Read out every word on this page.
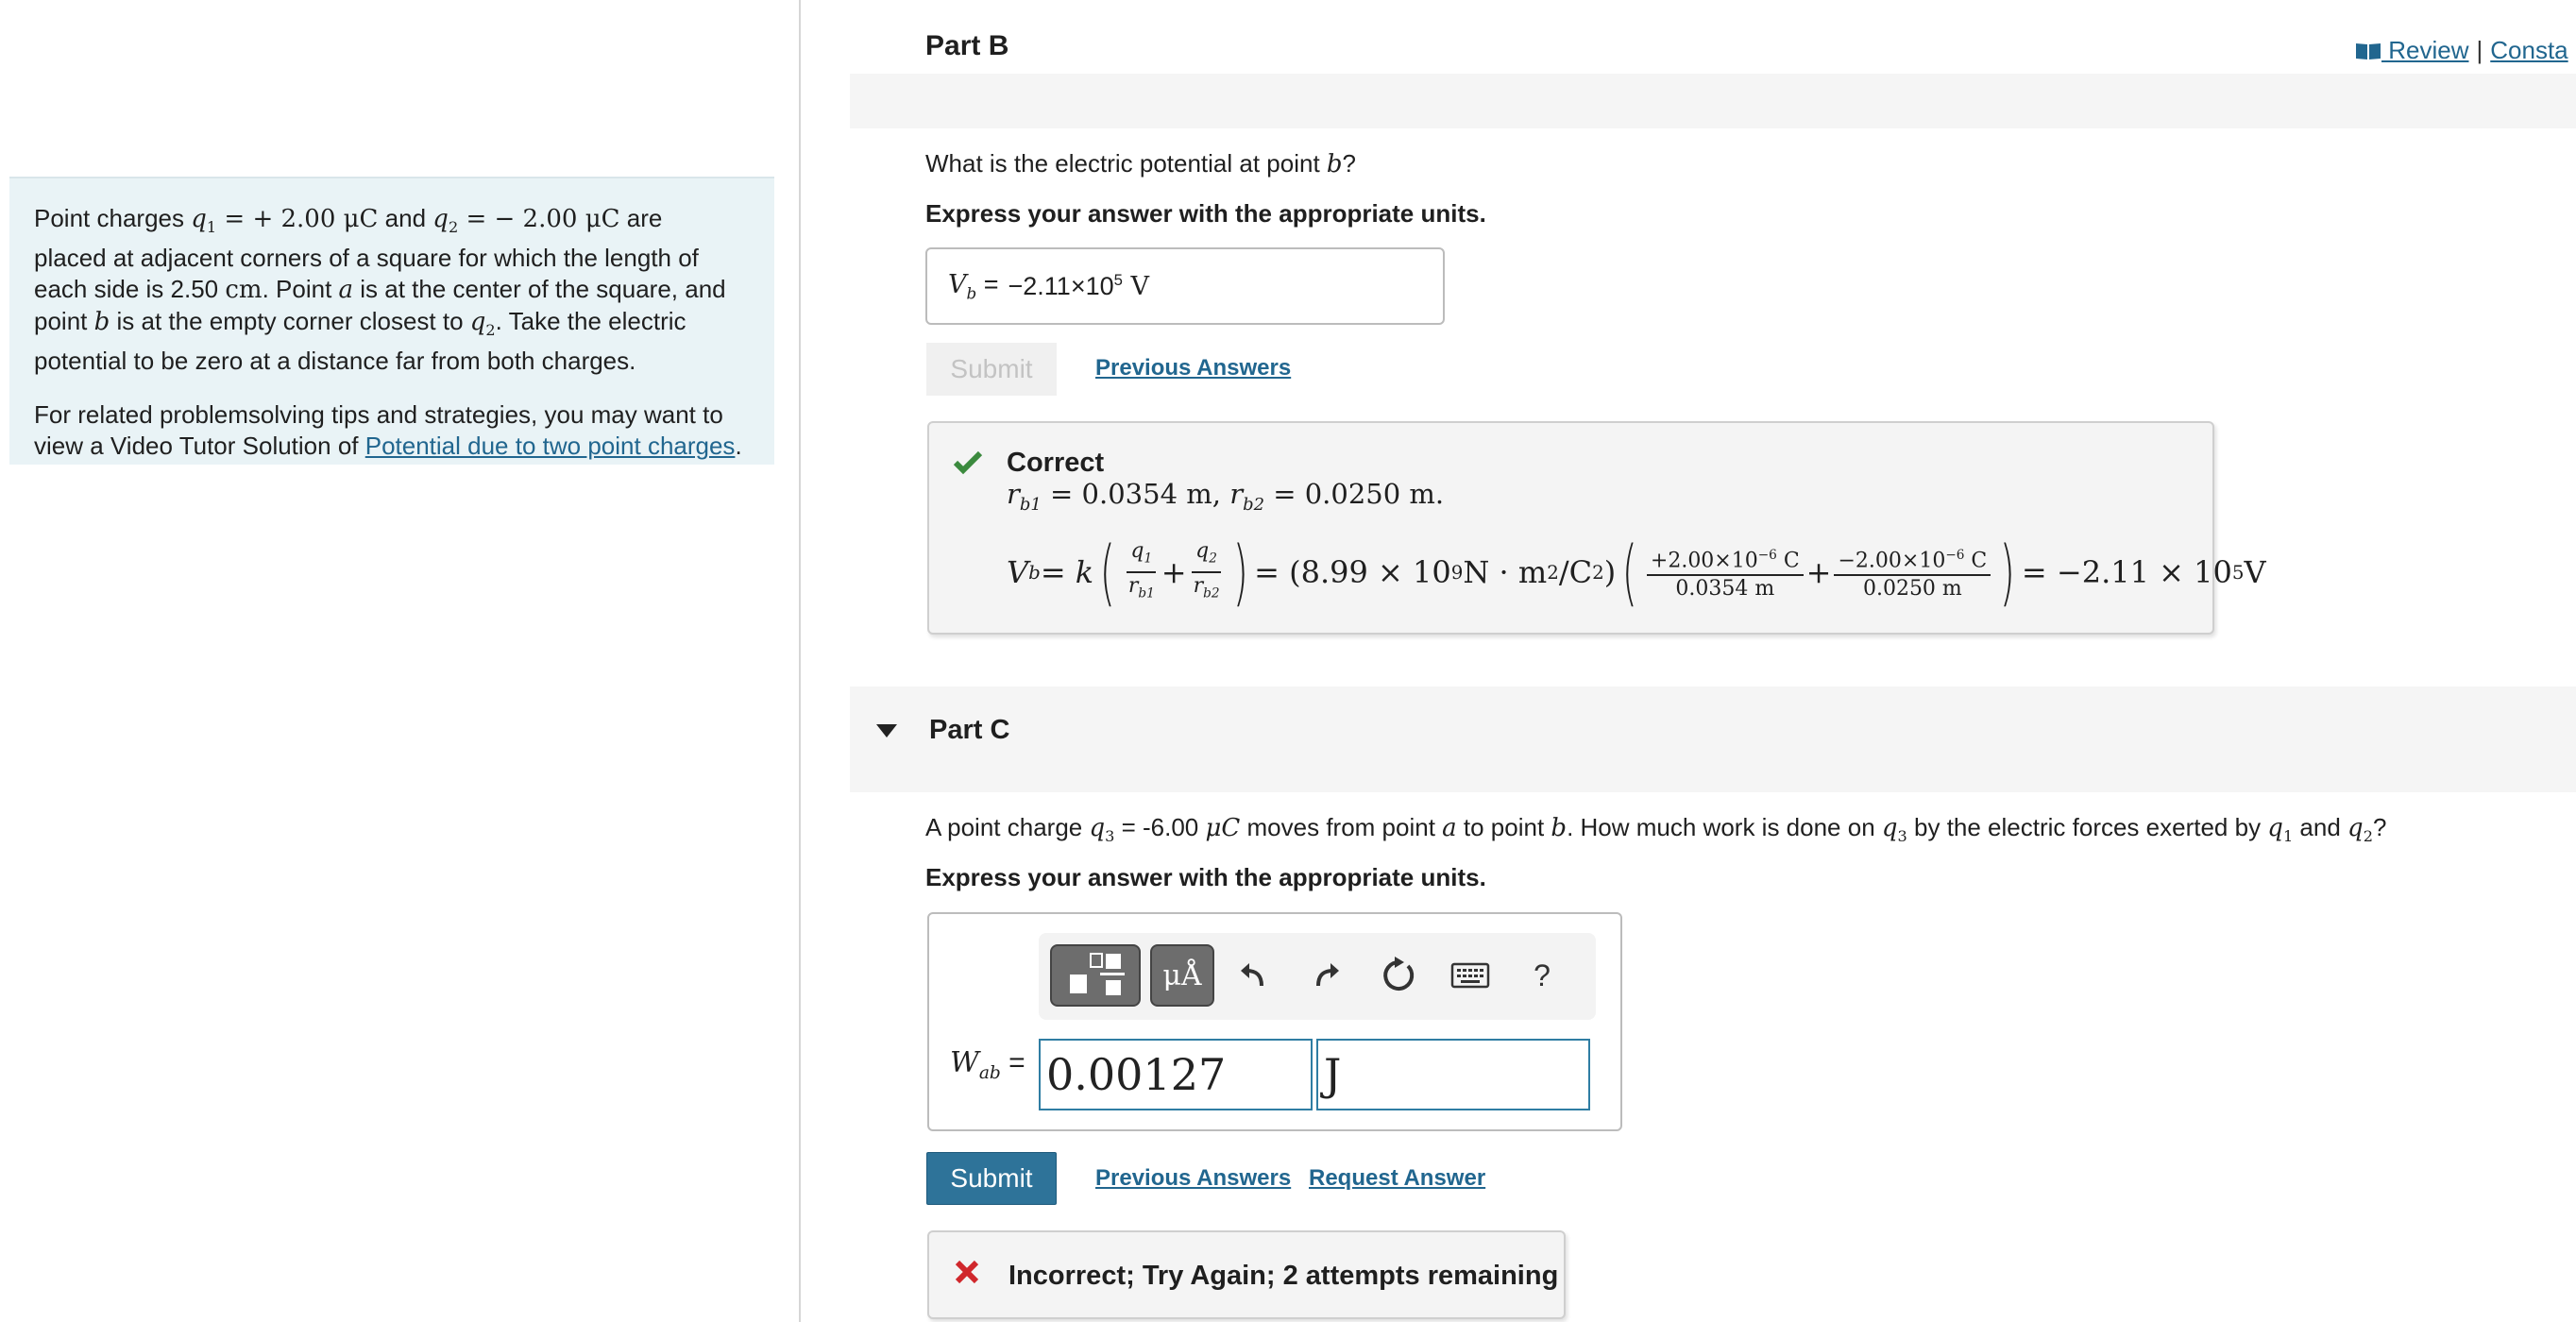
Point charges $q_1$ = + 2.00 μC and $q_2$ = − 2.00 μC are
placed at adjacent corners of a square for which the length of
each side is 2.50 cm. Point a is at the center of the square, and
point b is at the empty corner closest to $q_2$. Take the electric
potential to be zero at a distance far from both charges.

For related problemsolving tips and strategies, you may want to
view a Video Tutor Solution of Potential due to two point charges.

Review | Consta
Part B
What is the electric potential at point b?
Express your answer with the appropriate units.
$V_b = -2.11\times 10^5$ V
Submit	Previous Answers
Correct
$r_{b1} = 0.0354$ m, $r_{b2} = 0.0250$ m.
V b = k ( $\frac{q_1}{r_{b1}} + \frac{q_2}{r_{b2}}$ ) = (8.99 × 10 9 N · m 2 /C 2 ) ( $\frac{+2.00\times 10^{-6} C}{0.0354 m} + \frac{-2.00\times 10^{-6} C}{0.0250 m}$ ) = −2.11 × 10 5 V
Part C
A point charge $q_3 = -6.00$ μC moves from point a to point b. How much work is done on $q_3$ by the electric forces exerted by $q_1$ and $q_2$?
Express your answer with the appropriate units.
μÅ	?
$W_{ab} = 0.00127$	J
Submit	Previous Answers Request Answer
Incorrect; Try Again; 2 attempts remaining
